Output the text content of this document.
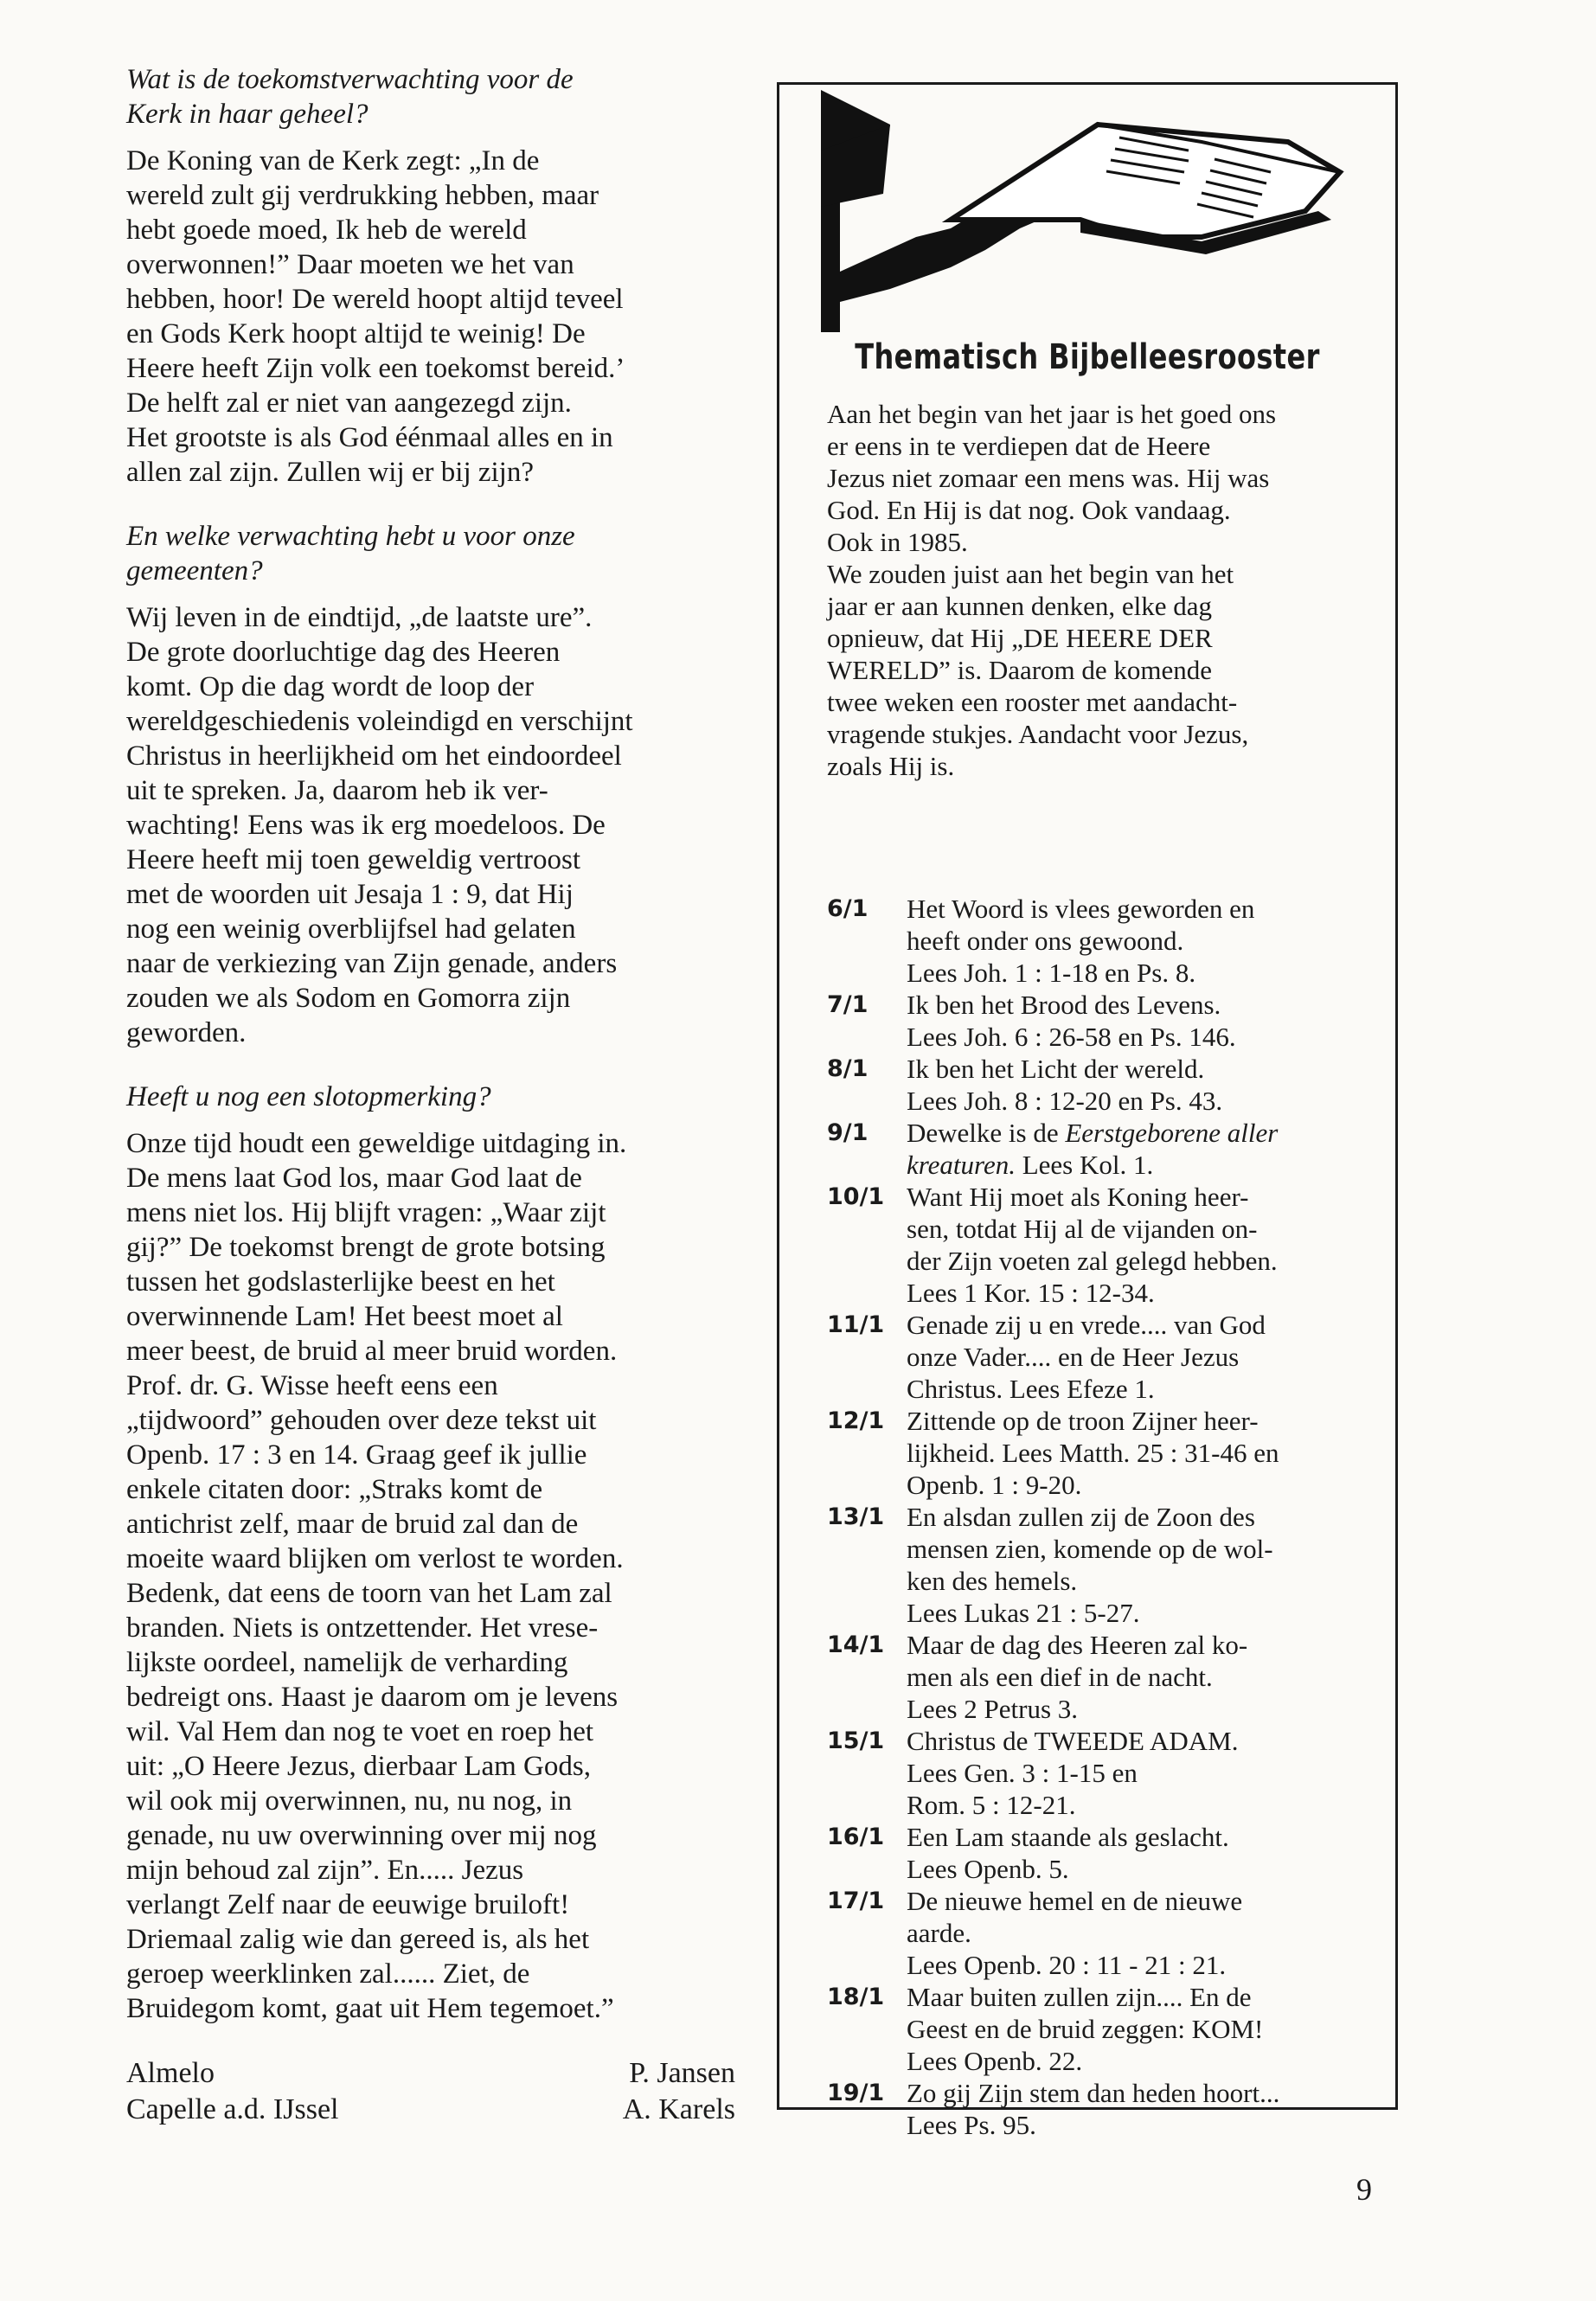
Wat is de toekomstverwachting voor de
Kerk in haar geheel?

De Koning van de Kerk zegt: „In de
wereld zult gij verdrukking hebben, maar
hebt goede moed, Ik heb de wereld
overwonnen!” Daar moeten we het van
hebben, hoor! De wereld hoopt altijd teveel
en Gods Kerk hoopt altijd te weinig! De
Heere heeft Zijn volk een toekomst bereid.’
De helft zal er niet van aangezegd zijn.
Het grootste is als God éénmaal alles en in
allen zal zijn. Zullen wij er bij zijn?

En welke verwachting hebt u voor onze
gemeenten?

Wij leven in de eindtijd, „de laatste ure”.
De grote doorluchtige dag des Heeren
komt. Op die dag wordt de loop der
wereldgeschiedenis voleindigd en verschijnt
Christus in heerlijkheid om het eindoordeel
uit te spreken. Ja, daarom heb ik ver-
wachting! Eens was ik erg moedeloos. De
Heere heeft mij toen geweldig vertroost
met de woorden uit Jesaja 1 : 9, dat Hij
nog een weinig overblijfsel had gelaten
naar de verkiezing van Zijn genade, anders
zouden we als Sodom en Gomorra zijn
geworden.

Heeft u nog een slotopmerking?

Onze tijd houdt een geweldige uitdaging in.
De mens laat God los, maar God laat de
mens niet los. Hij blijft vragen: „Waar zijt
gij?” De toekomst brengt de grote botsing
tussen het godslasterlijke beest en het
overwinnende Lam! Het beest moet al
meer beest, de bruid al meer bruid worden.
Prof. dr. G. Wisse heeft eens een
„tijdwoord” gehouden over deze tekst uit
Openb. 17 : 3 en 14. Graag geef ik jullie
enkele citaten door: „Straks komt de
antichrist zelf, maar de bruid zal dan de
moeite waard blijken om verlost te worden.
Bedenk, dat eens de toorn van het Lam zal
branden. Niets is ontzettender. Het vrese-
lijkste oordeel, namelijk de verharding
bedreigt ons. Haast je daarom om je levens
wil. Val Hem dan nog te voet en roep het
uit: „O Heere Jezus, dierbaar Lam Gods,
wil ook mij overwinnen, nu, nu nog, in
genade, nu uw overwinning over mij nog
mijn behoud zal zijn”. En..... Jezus
verlangt Zelf naar de eeuwige bruiloft!
Driemaal zalig wie dan gereed is, als het
geroep weerklinken zal...... Ziet, de
Bruidegom komt, gaat uit Hem tegemoet.”

Almelo	P. Jansen
Capelle a.d. IJssel	A. Karels
Thematisch Bijbelleesrooster

Aan het begin van het jaar is het goed ons
er eens in te verdiepen dat de Heere
Jezus niet zomaar een mens was. Hij was
God. En Hij is dat nog. Ook vandaag.
Ook in 1985.

We zouden juist aan het begin van het
jaar er aan kunnen denken, elke dag
opnieuw, dat Hij „DE HEERE DER
WERELD” is. Daarom de komende
twee weken een rooster met aandacht-
vragende stukjes. Aandacht voor Jezus,
zoals Hij is.

6/1	Het Woord is vlees geworden en
heeft onder ons gewoond.
Lees Joh. 1 : 1-18 en Ps. 8.
7/1	Ik ben het Brood des Levens.
Lees Joh. 6 : 26-58 en Ps. 146.
8/1	Ik ben het Licht der wereld.
Lees Joh. 8 : 12-20 en Ps. 43.
9/1	Dewelke is de Eerstgeborene aller
kreaturen. Lees Kol. 1.
10/1 Want Hij moet als Koning heer-
sen, totdat Hij al de vijanden on-
der Zijn voeten zal gelegd hebben.
Lees 1 Kor. 15 : 12-34.
11/1 Genade zij u en vrede.... van God
onze Vader.... en de Heer Jezus
Christus. Lees Efeze 1.
12/1 Zittende op de troon Zijner heer-
lijkheid. Lees Matth. 25 : 31-46 en
Openb. 1 : 9-20.
13/1 En alsdan zullen zij de Zoon des
mensen zien, komende op de wol-
ken des hemels.
Lees Lukas 21 : 5-27.
14/1 Maar de dag des Heeren zal ko-
men als een dief in de nacht.
Lees 2 Petrus 3.
15/1 Christus de TWEEDE ADAM.
Lees Gen. 3 : 1-15 en
Rom. 5 : 12-21.
16/1 Een Lam staande als geslacht.
Lees Openb. 5.
17/1 De nieuwe hemel en de nieuwe
aarde.
Lees Openb. 20 : 11 - 21 : 21.
18/1 Maar buiten zullen zijn.... En de
Geest en de bruid zeggen: KOM!
Lees Openb. 22.
19/1 Zo gij Zijn stem dan heden hoort...
Lees Ps. 95.
9
